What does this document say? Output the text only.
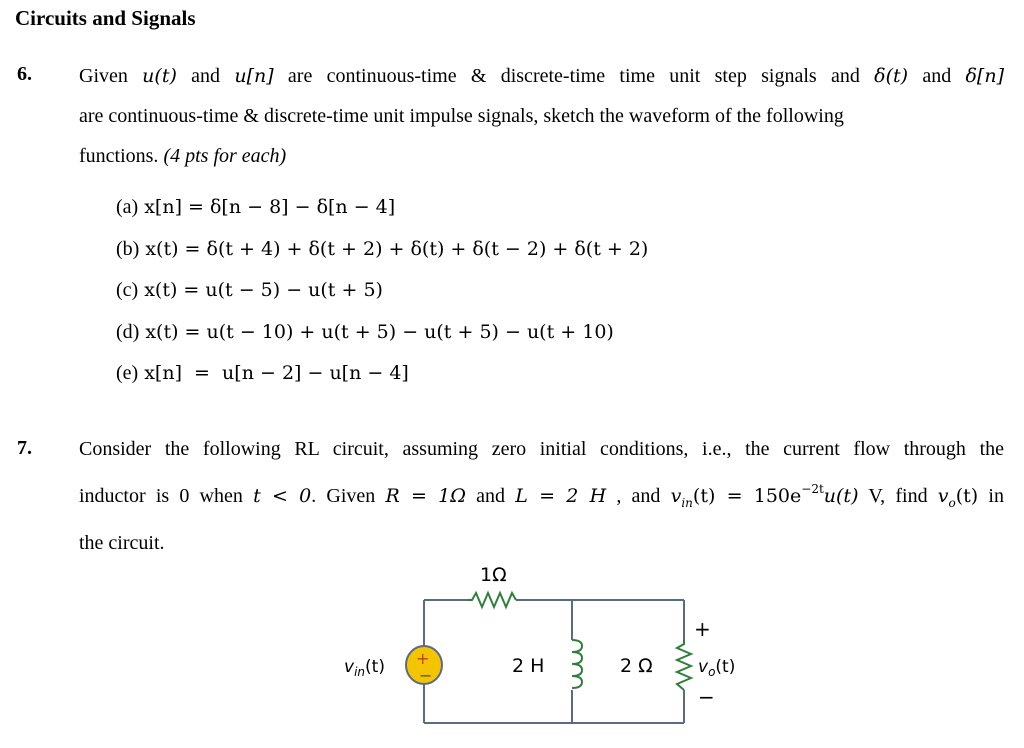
Circuits and Signals
6. Given u(t) and u[n] are continuous-time & discrete-time time unit step signals and δ(t) and δ[n]
are continuous-time & discrete-time unit impulse signals, sketch the waveform of the following
functions. (4 pts for each)
(a) x[n] = δ[n − 8] − δ[n − 4]
(b) x(t) = δ(t + 4) + δ(t + 2) + δ(t) + δ(t − 2) + δ(t + 2)
(c) x(t) = u(t − 5) − u(t + 5)
(d) x(t) = u(t − 10) + u(t + 5) − u(t + 5) − u(t + 10)
(e) x[n]  =  u[n − 2] − u[n − 4]
7. Consider the following RL circuit, assuming zero initial conditions, i.e., the current flow through the
inductor is 0 when t < 0. Given R = 1Ω and L = 2 H , and $v_{in}(t) = 150e^{-2t}u(t)$ V, find $v_o(t)$ in
the circuit.
1Ω
2 H	2 Ω
+
−
$v_o(t)$
+
−
$v_{in}(t)$
